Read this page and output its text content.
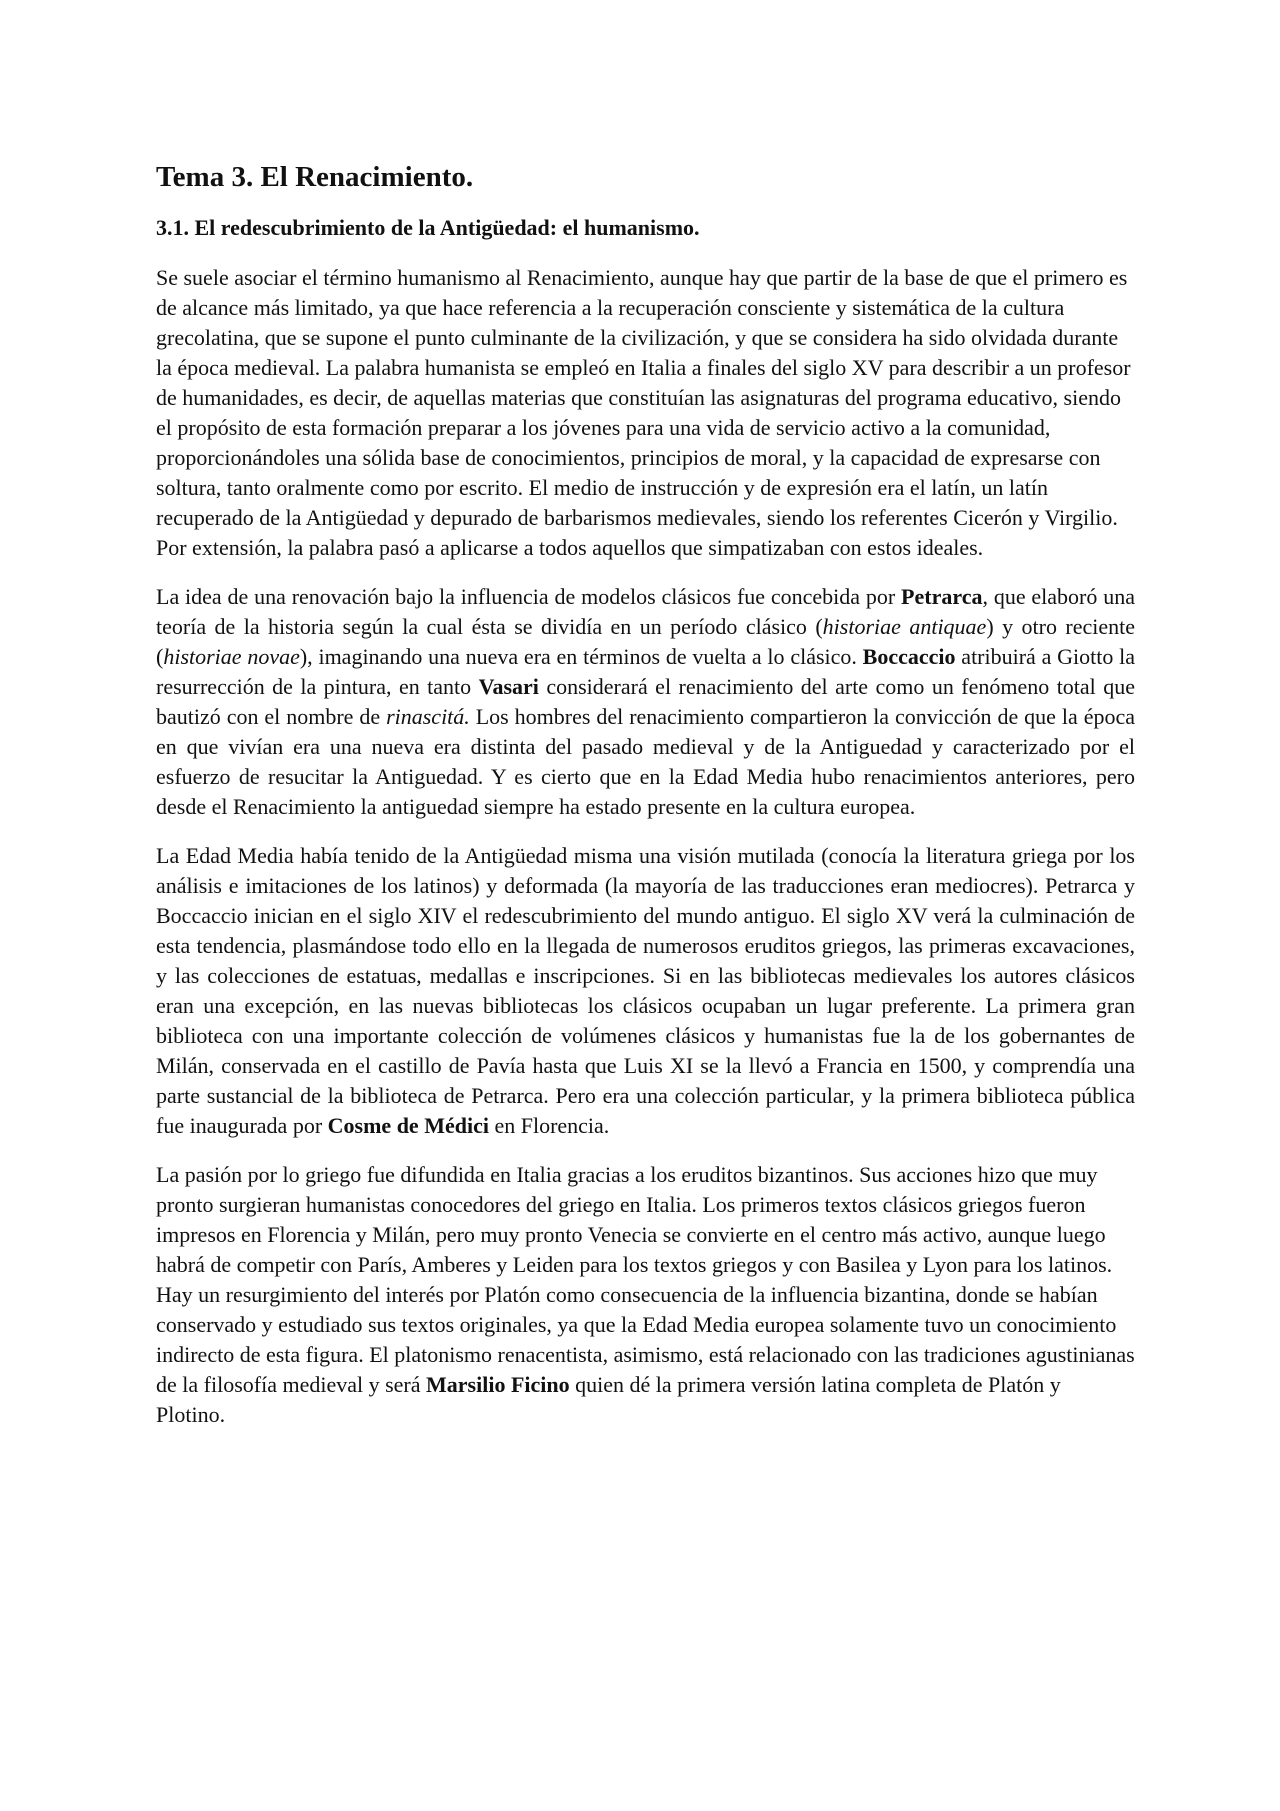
Tema 3. El Renacimiento.
3.1. El redescubrimiento de la Antigüedad: el humanismo.

Se suele asociar el término humanismo al Renacimiento, aunque hay que partir de la base de que el primero es de alcance más limitado, ya que hace referencia a la recuperación consciente y sistemática de la cultura grecolatina, que se supone el punto culminante de la civilización, y que se considera ha sido olvidada durante la época medieval. La palabra humanista se empleó en Italia a finales del siglo XV para describir a un profesor de humanidades, es decir, de aquellas materias que constituían las asignaturas del programa educativo, siendo el propósito de esta formación preparar a los jóvenes para una vida de servicio activo a la comunidad, proporcionándoles una sólida base de conocimientos, principios de moral, y la capacidad de expresarse con soltura, tanto oralmente como por escrito. El medio de instrucción y de expresión era el latín, un latín recuperado de la Antigüedad y depurado de barbarismos medievales, siendo los referentes Cicerón y Virgilio. Por extensión, la palabra pasó a aplicarse a todos aquellos que simpatizaban con estos ideales.

La idea de una renovación bajo la influencia de modelos clásicos fue concebida por Petrarca, que elaboró una teoría de la historia según la cual ésta se dividía en un período clásico (historiae antiquae) y otro reciente (historiae novae), imaginando una nueva era en términos de vuelta a lo clásico. Boccaccio atribuirá a Giotto la resurrección de la pintura, en tanto Vasari considerará el renacimiento del arte como un fenómeno total que bautizó con el nombre de rinascitá. Los hombres del renacimiento compartieron la convicción de que la época en que vivían era una nueva era distinta del pasado medieval y de la Antiguedad y caracterizado por el esfuerzo de resucitar la Antiguedad. Y es cierto que en la Edad Media hubo renacimientos anteriores, pero desde el Renacimiento la antiguedad siempre ha estado presente en la cultura europea.

La Edad Media había tenido de la Antigüedad misma una visión mutilada (conocía la literatura griega por los análisis e imitaciones de los latinos) y deformada (la mayoría de las traducciones eran mediocres). Petrarca y Boccaccio inician en el siglo XIV el redescubrimiento del mundo antiguo. El siglo XV verá la culminación de esta tendencia, plasmándose todo ello en la llegada de numerosos eruditos griegos, las primeras excavaciones, y las colecciones de estatuas, medallas e inscripciones. Si en las bibliotecas medievales los autores clásicos eran una excepción, en las nuevas bibliotecas los clásicos ocupaban un lugar preferente. La primera gran biblioteca con una importante colección de volúmenes clásicos y humanistas fue la de los gobernantes de Milán, conservada en el castillo de Pavía hasta que Luis XI se la llevó a Francia en 1500, y comprendía una parte sustancial de la biblioteca de Petrarca. Pero era una colección particular, y la primera biblioteca pública fue inaugurada por Cosme de Médici en Florencia.

La pasión por lo griego fue difundida en Italia gracias a los eruditos bizantinos. Sus acciones hizo que muy pronto surgieran humanistas conocedores del griego en Italia. Los primeros textos clásicos griegos fueron impresos en Florencia y Milán, pero muy pronto Venecia se convierte en el centro más activo, aunque luego habrá de competir con París, Amberes y Leiden para los textos griegos y con Basilea y Lyon para los latinos. Hay un resurgimiento del interés por Platón como consecuencia de la influencia bizantina, donde se habían conservado y estudiado sus textos originales, ya que la Edad Media europea solamente tuvo un conocimiento indirecto de esta figura. El platonismo renacentista, asimismo, está relacionado con las tradiciones agustinianas de la filosofía medieval y será Marsilio Ficino quien dé la primera versión latina completa de Platón y Plotino.
